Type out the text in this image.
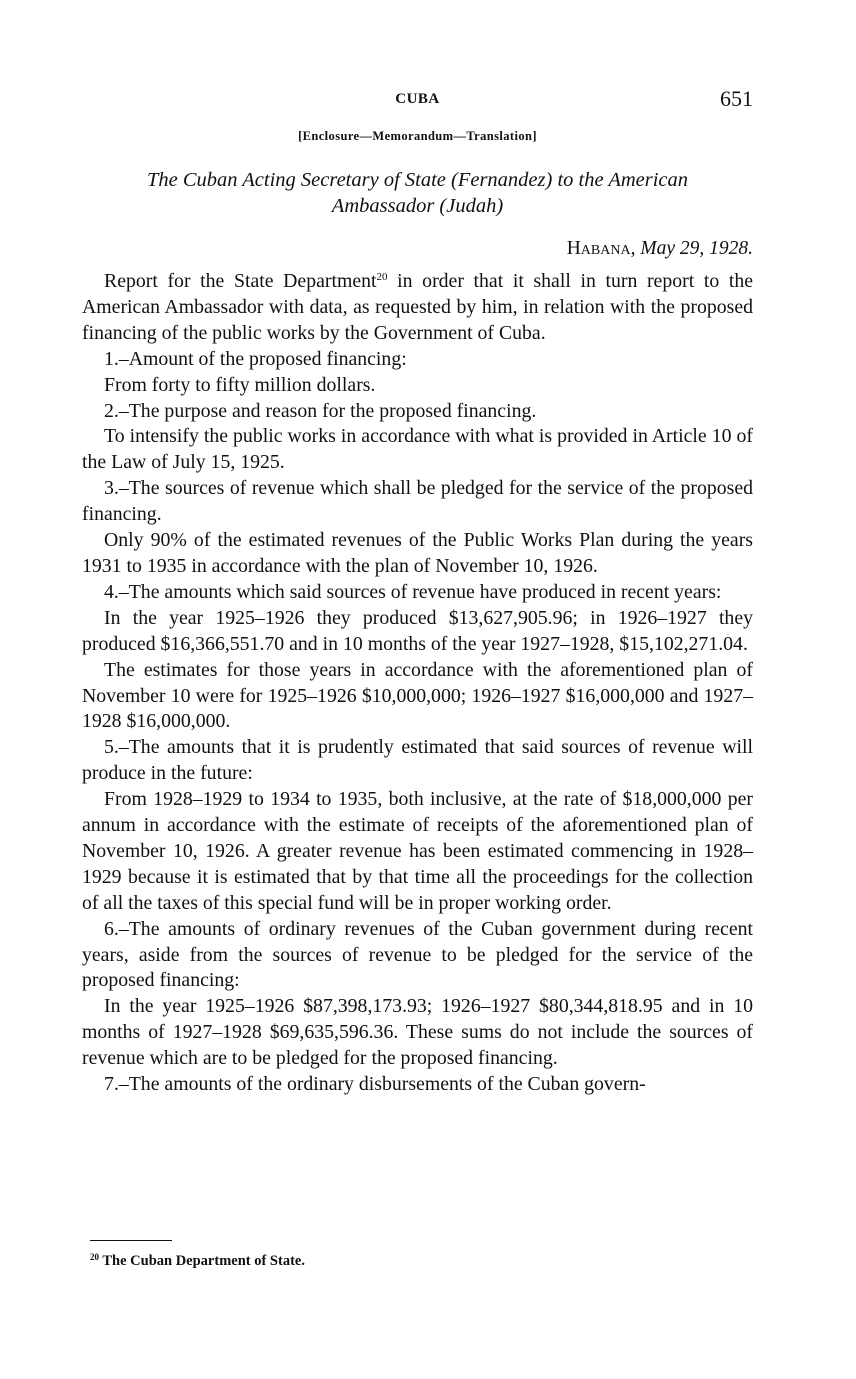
CUBA	651
[Enclosure—Memorandum—Translation]
The Cuban Acting Secretary of State (Fernandez) to the American
Ambassador (Judah)
Habana, May 29, 1928.

Report for the State Department$^{20}$ in order that it shall in turn report to the American Ambassador with data, as requested by him, in relation with the proposed financing of the public works by the Government of Cuba.

1.–Amount of the proposed financing:

From forty to fifty million dollars.

2.–The purpose and reason for the proposed financing.

To intensify the public works in accordance with what is provided in Article 10 of the Law of July 15, 1925.

3.–The sources of revenue which shall be pledged for the service of the proposed financing.

Only 90% of the estimated revenues of the Public Works Plan during the years 1931 to 1935 in accordance with the plan of November 10, 1926.

4.–The amounts which said sources of revenue have produced in recent years:

In the year 1925–1926 they produced $13,627,905.96; in 1926–1927 they produced $16,366,551.70 and in 10 months of the year 1927–1928, $15,102,271.04.

The estimates for those years in accordance with the aforementioned plan of November 10 were for 1925–1926 $10,000,000; 1926–1927 $16,000,000 and 1927–1928 $16,000,000.

5.–The amounts that it is prudently estimated that said sources of revenue will produce in the future:

From 1928–1929 to 1934 to 1935, both inclusive, at the rate of $18,000,000 per annum in accordance with the estimate of receipts of the aforementioned plan of November 10, 1926. A greater revenue has been estimated commencing in 1928–1929 because it is estimated that by that time all the proceedings for the collection of all the taxes of this special fund will be in proper working order.

6.–The amounts of ordinary revenues of the Cuban government during recent years, aside from the sources of revenue to be pledged for the service of the proposed financing:

In the year 1925–1926 $87,398,173.93; 1926–1927 $80,344,818.95 and in 10 months of 1927–1928 $69,635,596.36. These sums do not include the sources of revenue which are to be pledged for the proposed financing.

7.–The amounts of the ordinary disbursements of the Cuban govern-

$^{20}$ The Cuban Department of State.
